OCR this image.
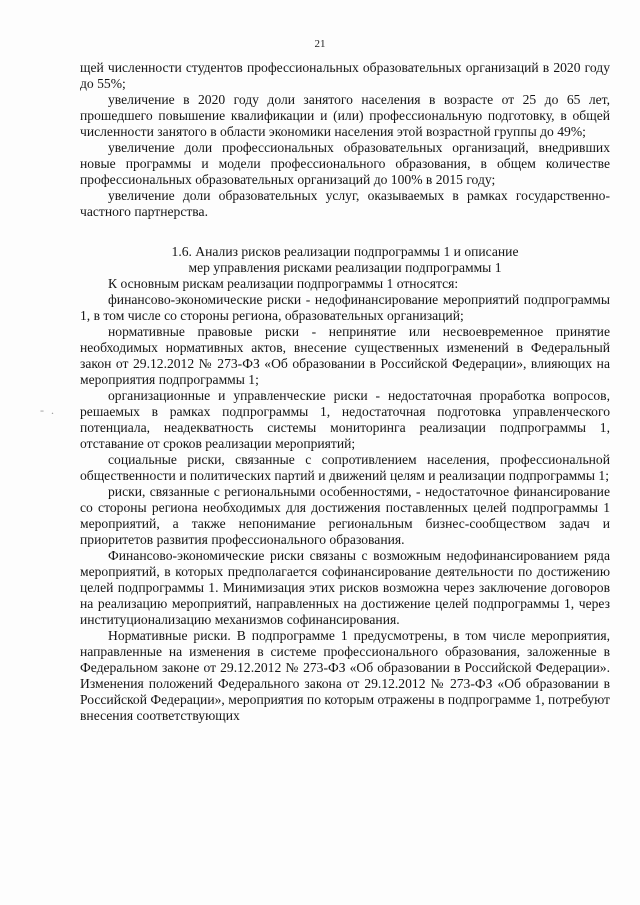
21
- .

щей численности студентов профессиональных образовательных организаций в 2020 году до 55%;

увеличение в 2020 году доли занятого населения в возрасте от 25 до 65 лет, прошедшего повышение квалификации и (или) профессиональную подготовку, в общей численности занятого в области экономики населения этой возрастной группы до 49%;

увеличение доли профессиональных образовательных организаций, внедривших новые программы и модели профессионального образования, в общем количестве профессиональных образовательных организаций до 100% в 2015 году;

увеличение доли образовательных услуг, оказываемых в рамках государственно-частного партнерства.

1.6. Анализ рисков реализации подпрограммы 1 и описание
мер управления рисками реализации подпрограммы 1

К основным рискам реализации подпрограммы 1 относятся:

финансово-экономические риски - недофинансирование мероприятий подпрограммы 1, в том числе со стороны региона, образовательных организаций;

нормативные правовые риски - непринятие или несвоевременное принятие необходимых нормативных актов, внесение существенных изменений в Федеральный закон от 29.12.2012 № 273-ФЗ «Об образовании в Российской Федерации», влияющих на мероприятия подпрограммы 1;

организационные и управленческие риски - недостаточная проработка вопросов, решаемых в рамках подпрограммы 1, недостаточная подготовка управленческого потенциала, неадекватность системы мониторинга реализации подпрограммы 1, отставание от сроков реализации мероприятий;

социальные риски, связанные с сопротивлением населения, профессиональной общественности и политических партий и движений целям и реализации подпрограммы 1;

риски, связанные с региональными особенностями, - недостаточное финансирование со стороны региона необходимых для достижения поставленных целей подпрограммы 1 мероприятий, а также непонимание региональным бизнес-сообществом задач и приоритетов развития профессионального образования.

Финансово-экономические риски связаны с возможным недофинансированием ряда мероприятий, в которых предполагается софинансирование деятельности по достижению целей подпрограммы 1. Минимизация этих рисков возможна через заключение договоров на реализацию мероприятий, направленных на достижение целей подпрограммы 1, через институционализацию механизмов софинансирования.

Нормативные риски. В подпрограмме 1 предусмотрены, в том числе мероприятия, направленные на изменения в системе профессионального образования, заложенные в Федеральном законе от 29.12.2012 № 273-ФЗ «Об образовании в Российской Федерации». Изменения положений Федерального закона от 29.12.2012 № 273-ФЗ «Об образовании в Российской Федерации», мероприятия по которым отражены в подпрограмме 1, потребуют внесения соответствующих
